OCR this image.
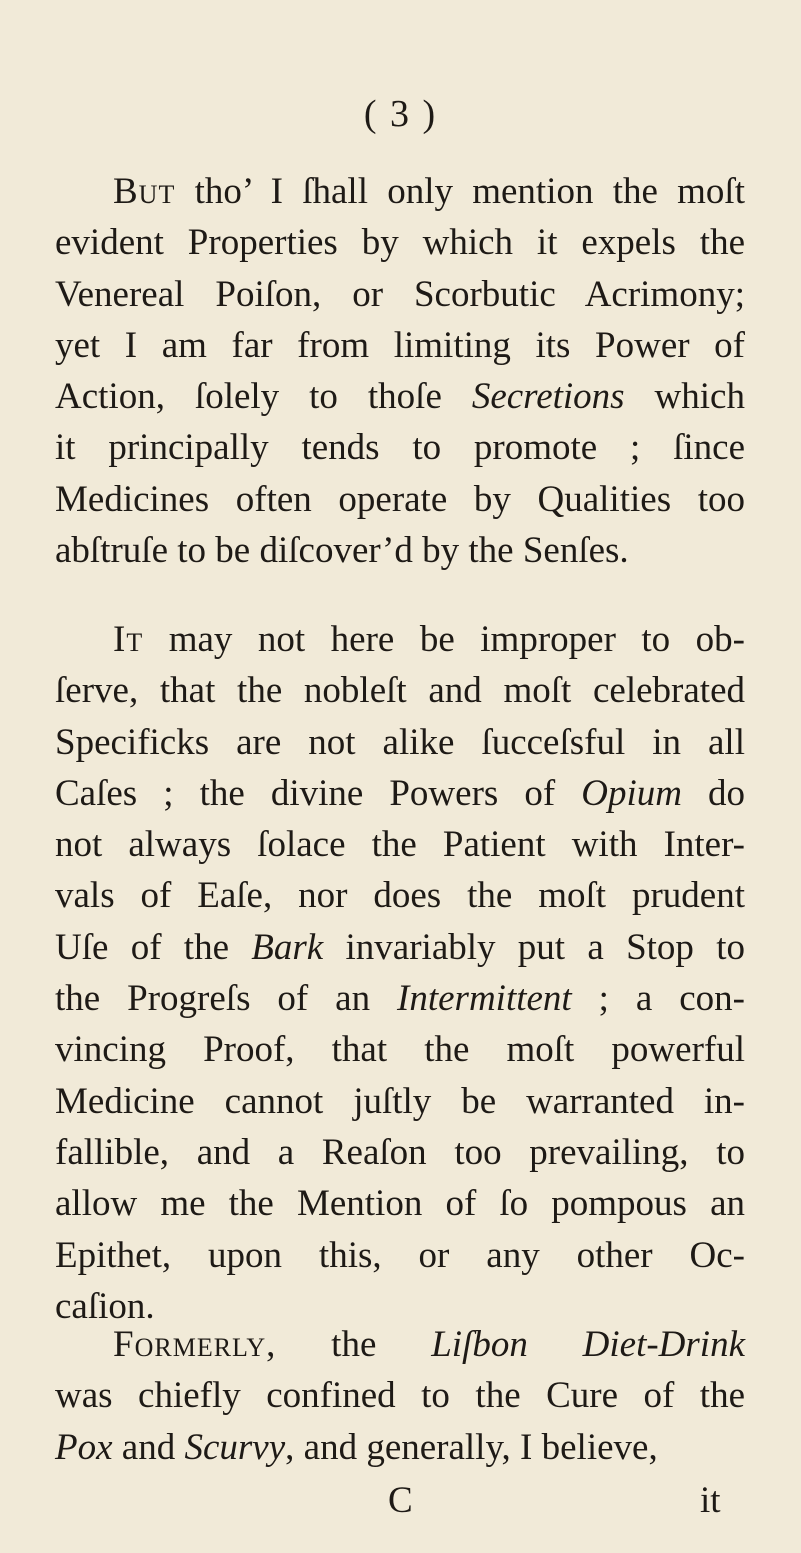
( 3 )
But tho’ I ſhall only mention the moſt
evident Properties by which it expels the
Venereal Poiſon, or Scorbutic Acrimony;
yet I am far from limiting its Power of
Action, ſolely to thoſe Secretions which
it principally tends to promote ; ſince
Medicines often operate by Qualities too
abſtruſe to be diſcover’d by the Senſes.
It may not here be improper to ob-
ſerve, that the nobleſt and moſt celebrated
Specificks are not alike ſucceſsful in all
Caſes ; the divine Powers of Opium do
not always ſolace the Patient with Inter-
vals of Eaſe, nor does the moſt prudent
Uſe of the Bark invariably put a Stop to
the Progreſs of an Intermittent ; a con-
vincing Proof, that the moſt powerful
Medicine cannot juſtly be warranted in-
fallible, and a Reaſon too prevailing, to
allow me the Mention of ſo pompous an
Epithet, upon this, or any other Oc-
caſion.
Formerly, the Liſbon Diet-Drink
was chiefly confined to the Cure of the
Pox and Scurvy, and generally, I believe,
C	it
